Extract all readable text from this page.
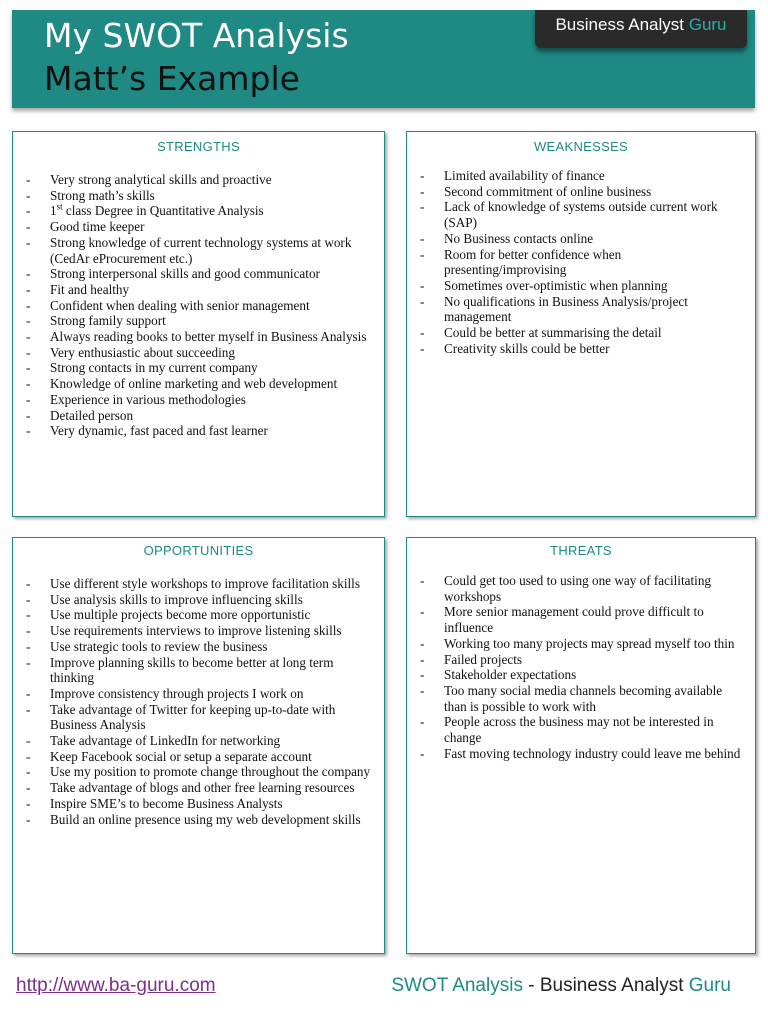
My SWOT Analysis
Matt’s Example
Business Analyst Guru
STRENGTHS
- Very strong analytical skills and proactive
- Strong math’s skills
- 1st class Degree in Quantitative Analysis
- Good time keeper
- Strong knowledge of current technology systems at work (CedAr eProcurement etc.)
- Strong interpersonal skills and good communicator
- Fit and healthy
- Confident when dealing with senior management
- Strong family support
- Always reading books to better myself in Business Analysis
- Very enthusiastic about succeeding
- Strong contacts in my current company
- Knowledge of online marketing and web development
- Experience in various methodologies
- Detailed person
- Very dynamic, fast paced and fast learner
WEAKNESSES
- Limited availability of finance
- Second commitment of online business
- Lack of knowledge of systems outside current work (SAP)
- No Business contacts online
- Room for better confidence when presenting/improvising
- Sometimes over-optimistic when planning
- No qualifications in Business Analysis/project management
- Could be better at summarising the detail
- Creativity skills could be better
OPPORTUNITIES
- Use different style workshops to improve facilitation skills
- Use analysis skills to improve influencing skills
- Use multiple projects become more opportunistic
- Use requirements interviews to improve listening skills
- Use strategic tools to review the business
- Improve planning skills to become better at long term thinking
- Improve consistency through projects I work on
- Take advantage of Twitter for keeping up-to-date with Business Analysis
- Take advantage of LinkedIn for networking
- Keep Facebook social or setup a separate account
- Use my position to promote change throughout the company
- Take advantage of blogs and other free learning resources
- Inspire SME’s to become Business Analysts
- Build an online presence using my web development skills
THREATS
- Could get too used to using one way of facilitating workshops
- More senior management could prove difficult to influence
- Working too many projects may spread myself too thin
- Failed projects
- Stakeholder expectations
- Too many social media channels becoming available than is possible to work with
- People across the business may not be interested in change
- Fast moving technology industry could leave me behind
http://www.ba-guru.com	SWOT Analysis - Business Analyst Guru
